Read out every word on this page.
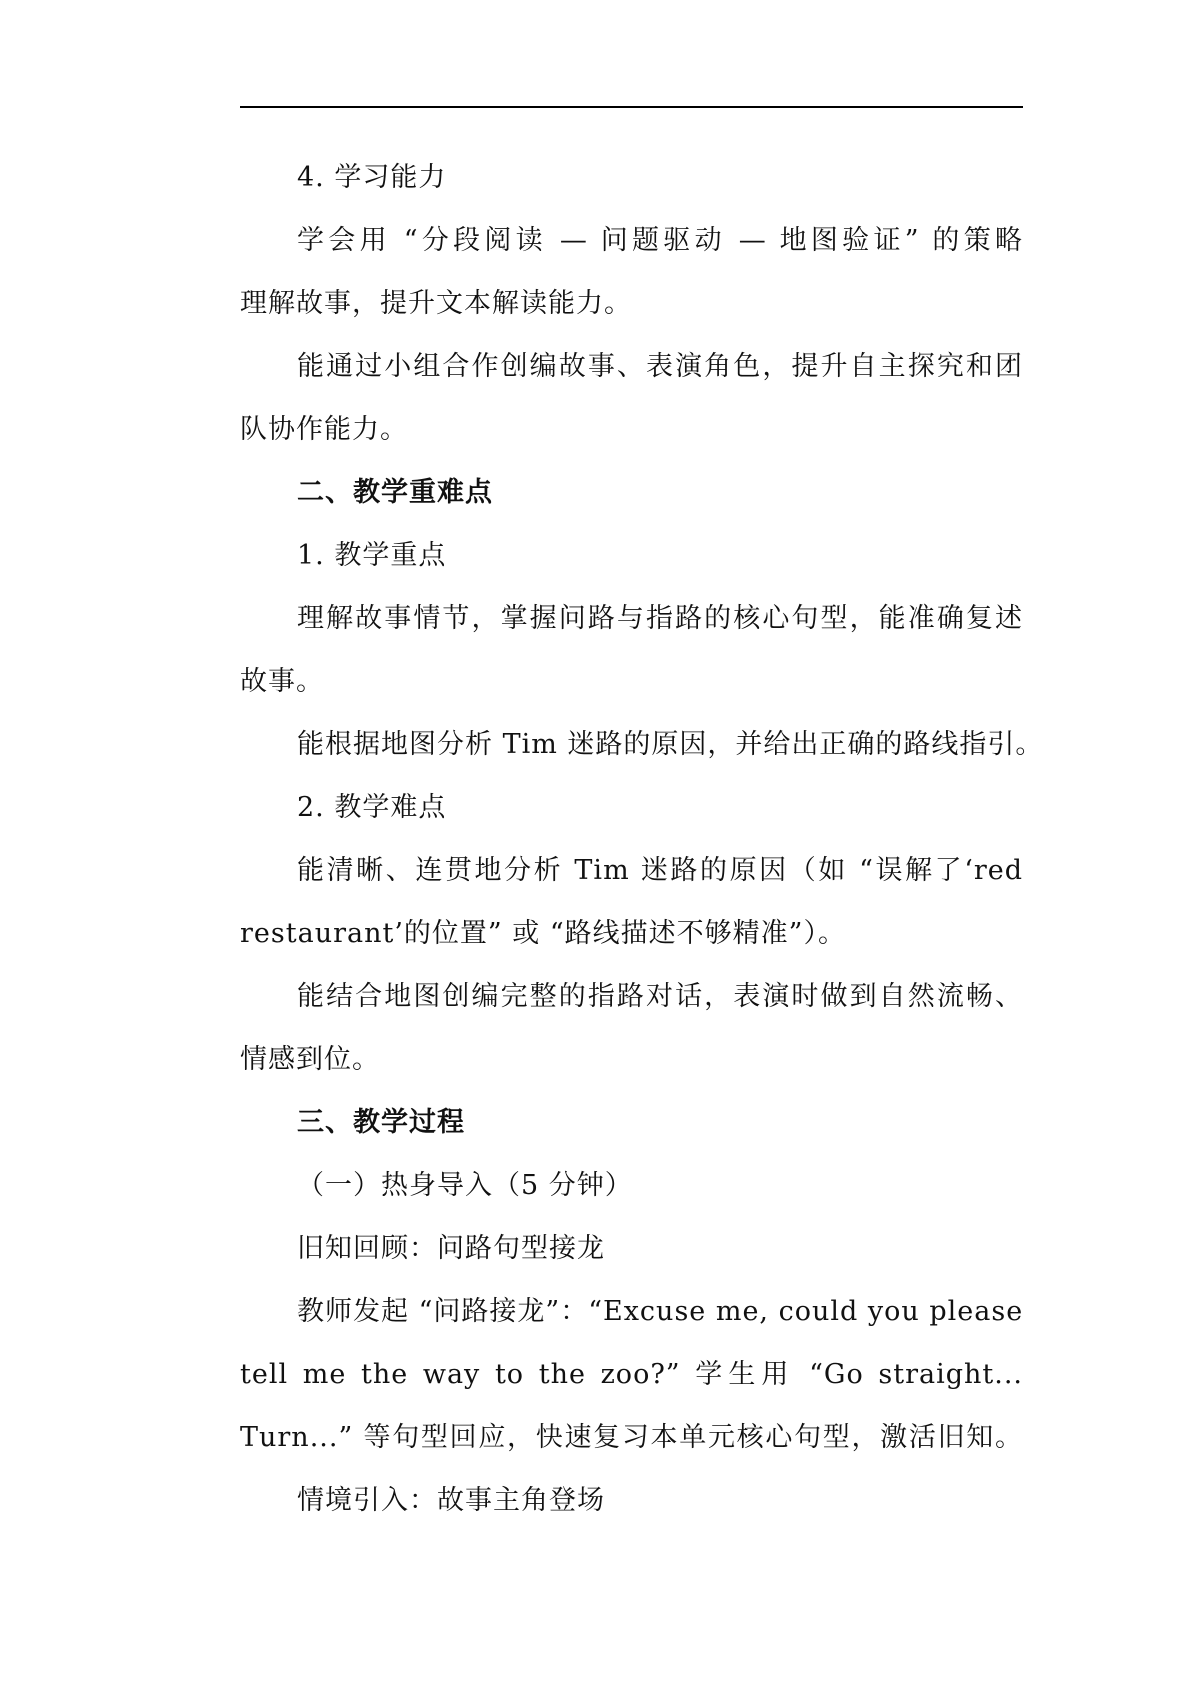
4. 学习能力
学会用 “分段阅读 — 问题驱动 — 地图验证” 的策略
理解故事，提升文本解读能力。
能通过小组合作创编故事、表演角色，提升自主探究和团
队协作能力。
二、教学重难点
1. 教学重点
理解故事情节，掌握问路与指路的核心句型，能准确复述
故事。
能根据地图分析 Tim 迷路的原因，并给出正确的路线指引。
2. 教学难点
能清晰、连贯地分析 Tim 迷路的原因（如 “误解了‘red
restaurant’的位置” 或 “路线描述不够精准”）。
能结合地图创编完整的指路对话，表演时做到自然流畅、
情感到位。
三、教学过程
（一）热身导入（5 分钟）
旧知回顾：问路句型接龙
教师发起 “问路接龙”：“Excuse me, could you please
tell me the way to the zoo?” 学生用 “Go straight...
Turn...” 等句型回应，快速复习本单元核心句型，激活旧知。
情境引入：故事主角登场
